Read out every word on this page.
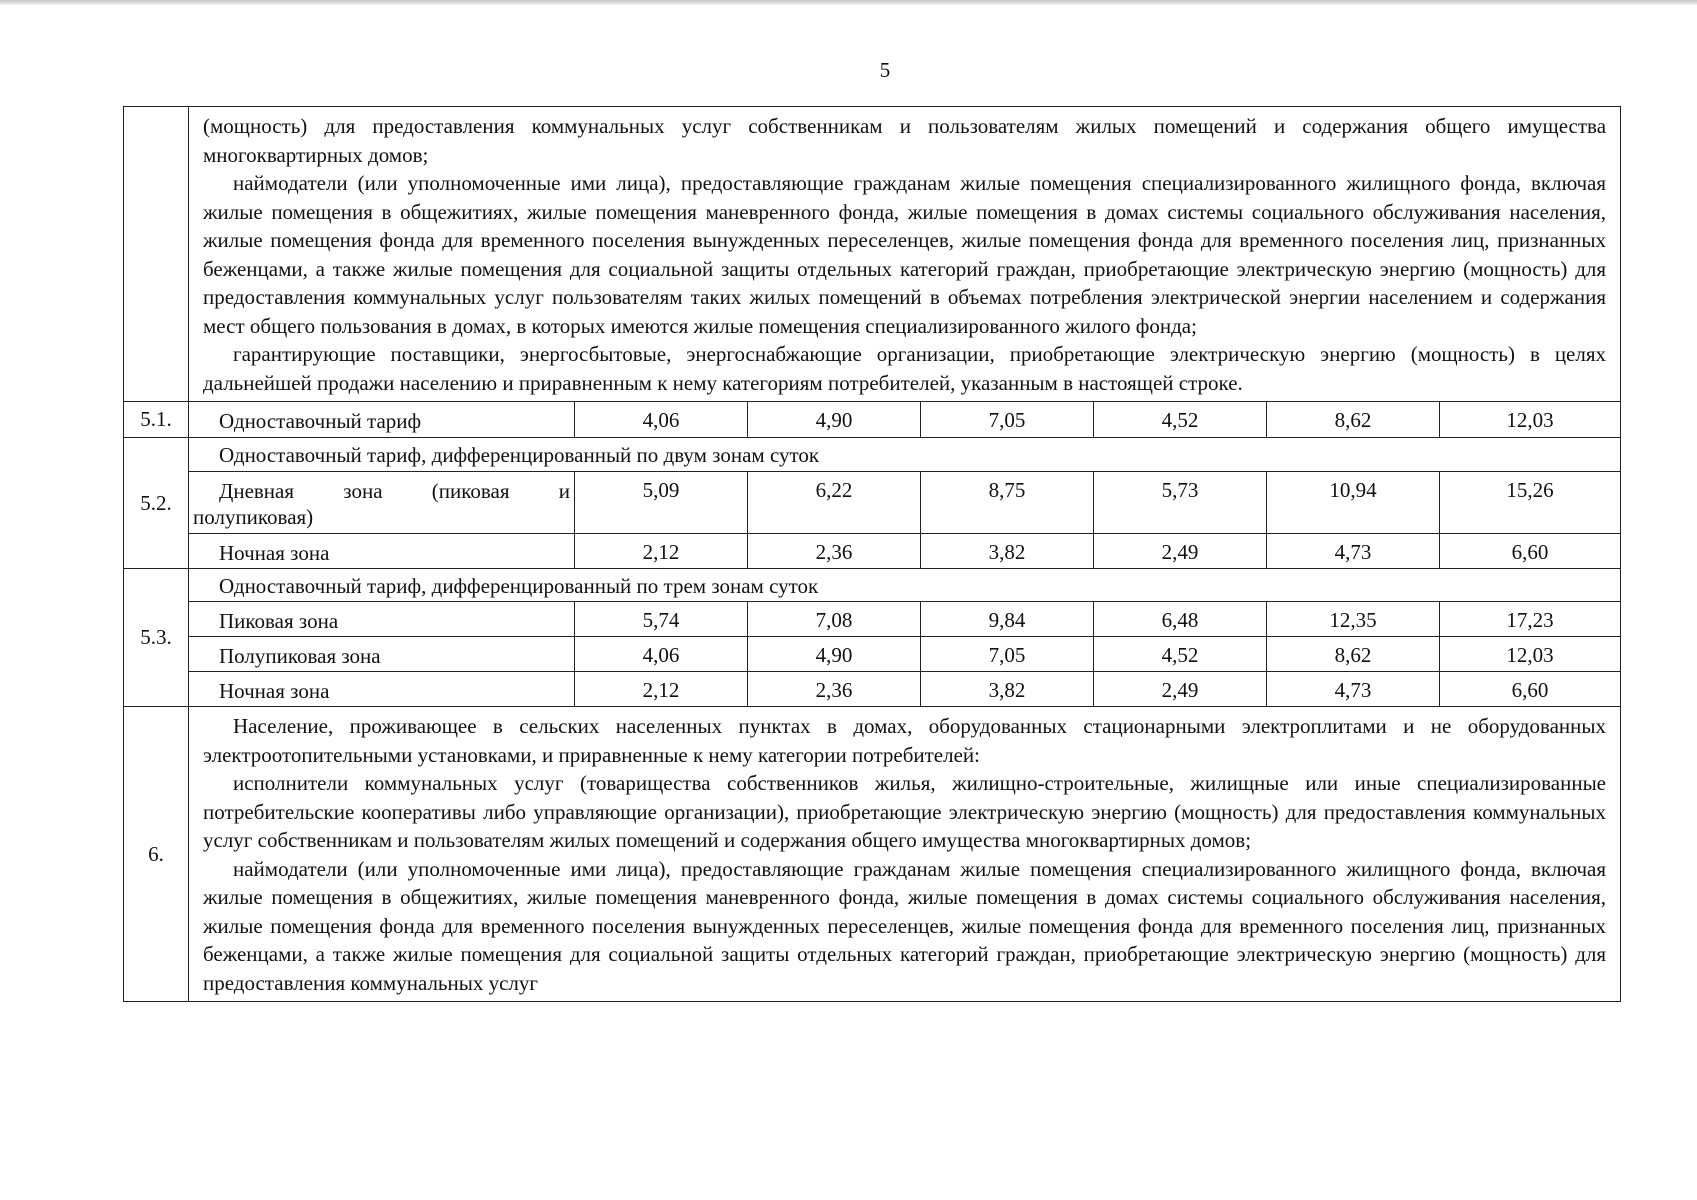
5

	(мощность) для предоставления коммунальных услуг собственникам и пользователям жилых помещений и содержания общего имущества многоквартирных домов;

наймодатели (или уполномоченные ими лица), предоставляющие гражданам жилые помещения специализированного жилищного фонда, включая жилые помещения в общежитиях, жилые помещения маневренного фонда, жилые помещения в домах системы социального обслуживания населения, жилые помещения фонда для временного поселения вынужденных переселенцев, жилые помещения фонда для временного поселения лиц, признанных беженцами, а также жилые помещения для социальной защиты отдельных категорий граждан, приобретающие электрическую энергию (мощность) для предоставления коммунальных услуг пользователям таких жилых помещений в объемах потребления электрической энергии населением и содержания мест общего пользования в домах, в которых имеются жилые помещения специализированного жилого фонда;

гарантирующие поставщики, энергосбытовые, энергоснабжающие организации, приобретающие электрическую энергию (мощность) в целях дальнейшей продажи населению и приравненным к нему категориям потребителей, указанным в настоящей строке.						

5.1.	Одноставочный тариф	4,06	4,90	7,05	4,52	8,62	12,03
5.2.	Одноставочный тариф, дифференцированный по двум зонам суток						

	Дневная зона (пиковая и
полупиковая)	5,09	6,22	8,75	5,73	10,94	15,26
	Ночная зона	2,12	2,36	3,82	2,49	4,73	6,60
5.3.	Одноставочный тариф, дифференцированный по трем зонам суток						
	Пиковая зона	5,74	7,08	9,84	6,48	12,35	17,23
	Полупиковая зона	4,06	4,90	7,05	4,52	8,62	12,03
	Ночная зона	2,12	2,36	3,82	2,49	4,73	6,60
6.	Население, проживающее в сельских населенных пунктах в домах, оборудованных стационарными электроплитами и не оборудованных электроотопительными установками, и приравненные к нему категории потребителей:

исполнители коммунальных услуг (товарищества собственников жилья, жилищно-строительные, жилищные или иные специализированные потребительские кооперативы либо управляющие организации), приобретающие электрическую энергию (мощность) для предоставления коммунальных услуг собственникам и пользователям жилых помещений и содержания общего имущества многоквартирных домов;

наймодатели (или уполномоченные ими лица), предоставляющие гражданам жилые помещения специализированного жилищного фонда, включая жилые помещения в общежитиях, жилые помещения маневренного фонда, жилые помещения в домах системы социального обслуживания населения, жилые помещения фонда для временного поселения вынужденных переселенцев, жилые помещения фонда для временного поселения лиц, признанных беженцами, а также жилые помещения для социальной защиты отдельных категорий граждан, приобретающие электрическую энергию (мощность) для предоставления коммунальных услуг						
